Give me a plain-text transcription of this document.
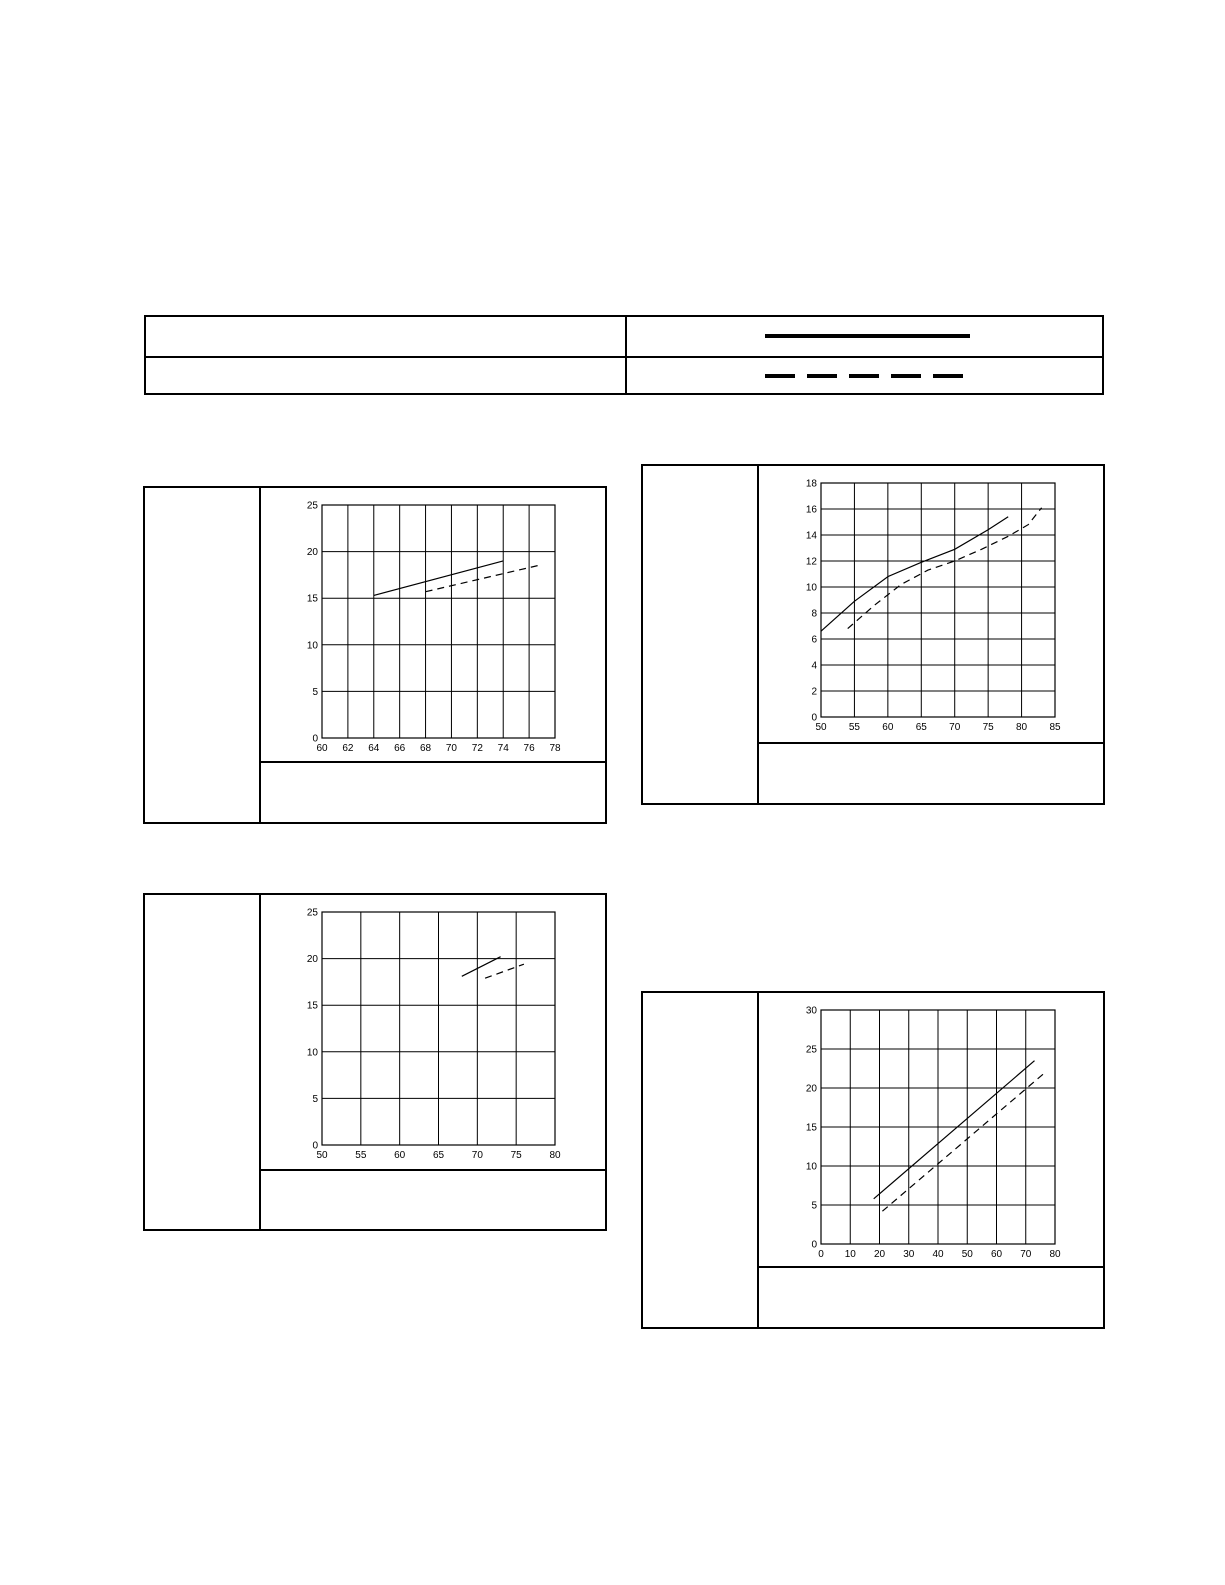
60 62 64 66 68 70 72 74 76 78
0
5
10
15
20
25
50 55 60 65 70 75 80 85
0
2
4
6
8
10
12
14
16
18
50	55	60	65	70	75	80
0
5
10
15
20
25
0 10 20 30 40 50 60 70 80
0
5
10
15
20
25
30
